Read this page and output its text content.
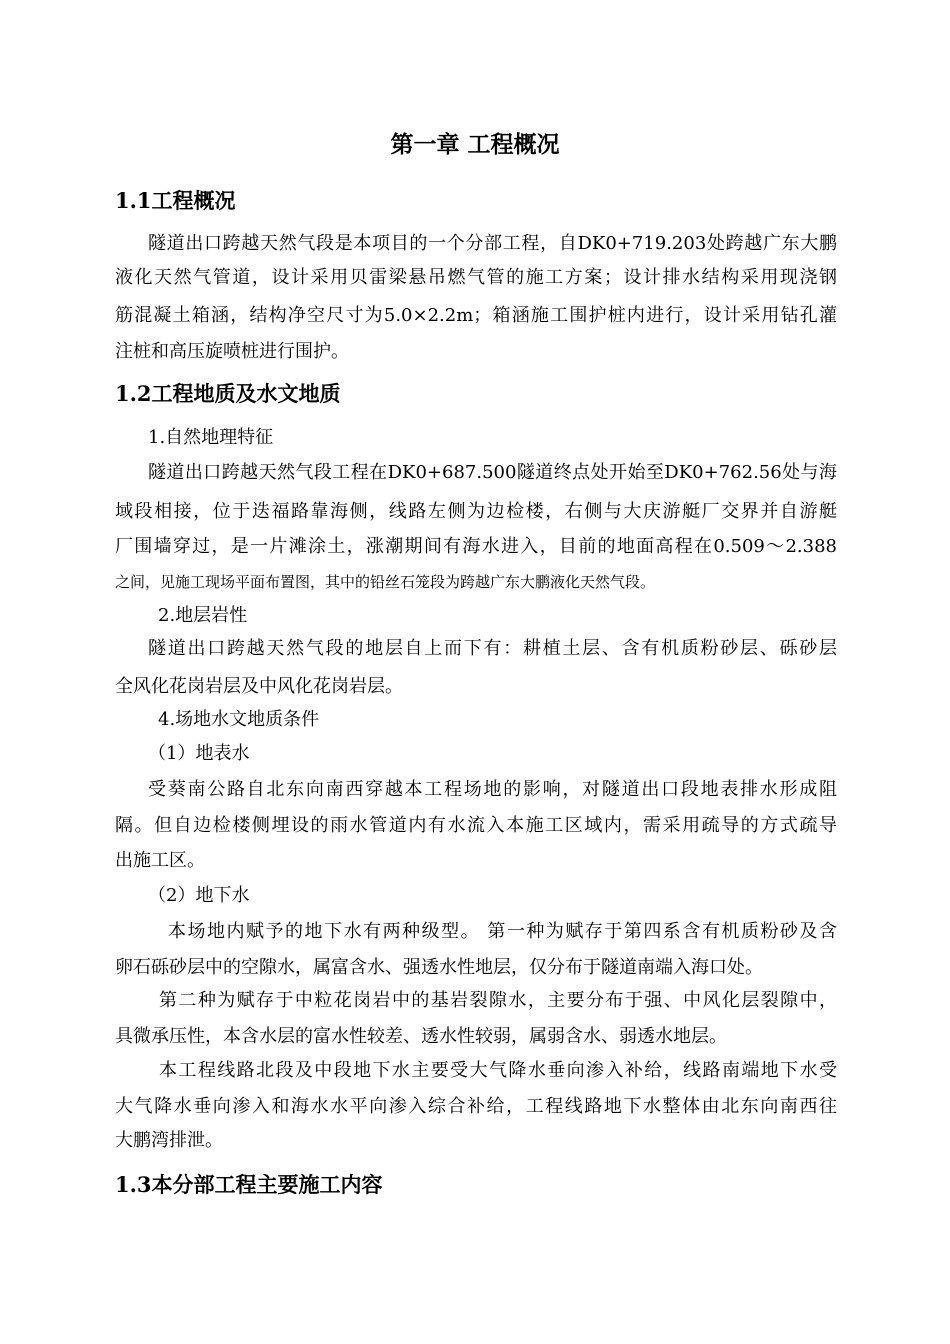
第一章 工程概况
1.1工程概况
隧道出口跨越天然气段是本项目的一个分部工程，自DK0+719.203处跨越广东大鹏
液化天然气管道，设计采用贝雷梁悬吊燃气管的施工方案；设计排水结构采用现浇钢
筋混凝土箱涵，结构净空尺寸为5.0×2.2m；箱涵施工围护桩内进行，设计采用钻孔灌
注桩和高压旋喷桩进行围护。
1.2工程地质及水文地质
1.自然地理特征
隧道出口跨越天然气段工程在DK0+687.500隧道终点处开始至DK0+762.56处与海
域段相接，位于迭福路靠海侧，线路左侧为边检楼，右侧与大庆游艇厂交界并自游艇
厂围墙穿过，是一片滩涂土，涨潮期间有海水进入，目前的地面高程在0.509～2.388
之间，见施工现场平面布置图，其中的铅丝石笼段为跨越广东大鹏液化天然气段。
2.地层岩性
隧道出口跨越天然气段的地层自上而下有：耕植土层、含有机质粉砂层、砾砂层
全风化花岗岩层及中风化花岗岩层。
4.场地水文地质条件
（1）地表水
受葵南公路自北东向南西穿越本工程场地的影响，对隧道出口段地表排水形成阻
隔。但自边检楼侧埋设的雨水管道内有水流入本施工区域内，需采用疏导的方式疏导
出施工区。
（2）地下水
本场地内赋予的地下水有两种级型。 第一种为赋存于第四系含有机质粉砂及含
卵石砾砂层中的空隙水，属富含水、强透水性地层，仅分布于隧道南端入海口处。
第二种为赋存于中粒花岗岩中的基岩裂隙水，主要分布于强、中风化层裂隙中，
具微承压性，本含水层的富水性较差、透水性较弱，属弱含水、弱透水地层。
本工程线路北段及中段地下水主要受大气降水垂向渗入补给，线路南端地下水受
大气降水垂向渗入和海水水平向渗入综合补给，工程线路地下水整体由北东向南西往
大鹏湾排泄。
1.3本分部工程主要施工内容
